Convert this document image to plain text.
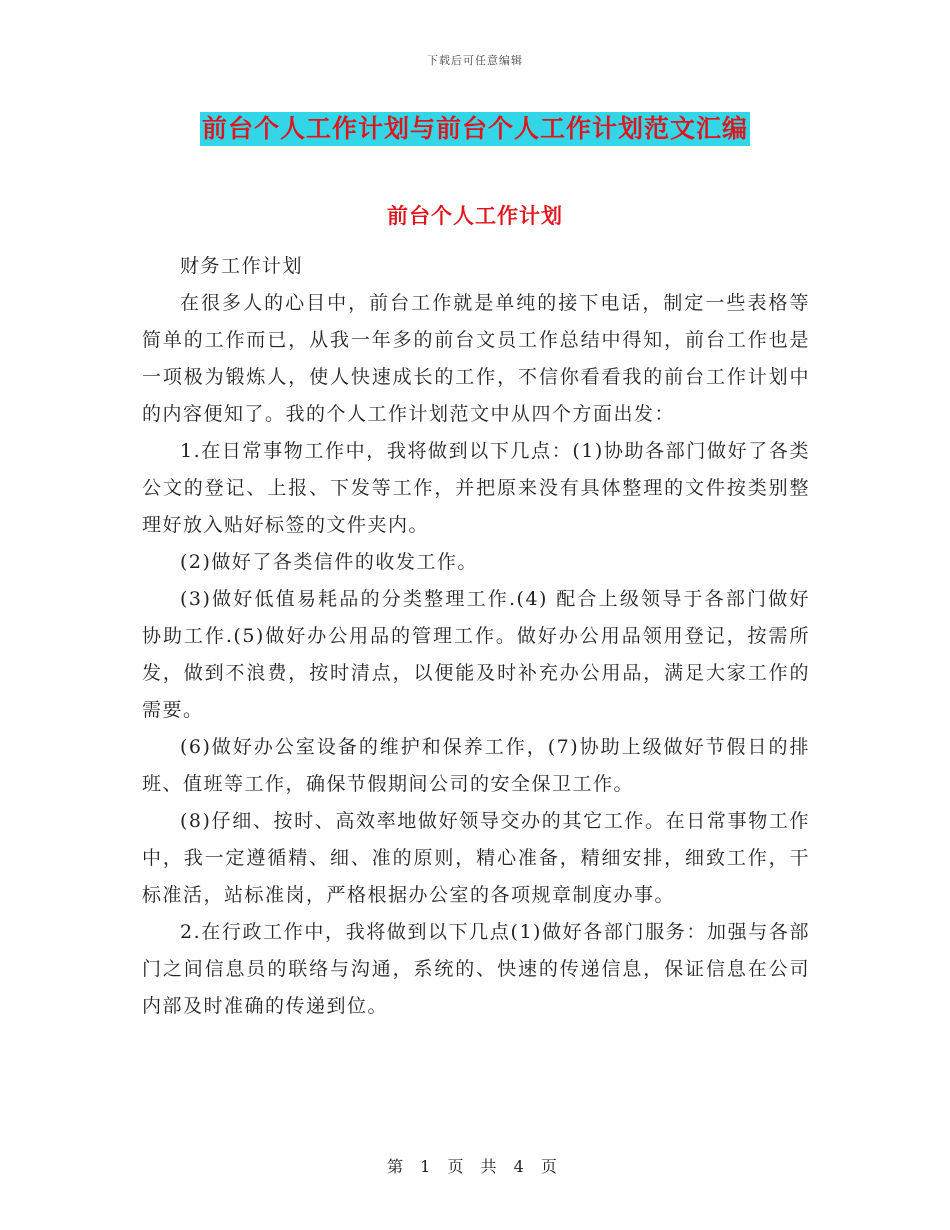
下载后可任意编辑
前台个人工作计划与前台个人工作计划范文汇编
前台个人工作计划

财务工作计划

在很多人的心目中，前台工作就是单纯的接下电话，制定一些表格等简单的工作而已，从我一年多的前台文员工作总结中得知，前台工作也是一项极为锻炼人，使人快速成长的工作，不信你看看我的前台工作计划中的内容便知了。我的个人工作计划范文中从四个方面出发：

1.在日常事物工作中，我将做到以下几点：(1)协助各部门做好了各类公文的登记、上报、下发等工作，并把原来没有具体整理的文件按类别整理好放入贴好标签的文件夹内。

(2)做好了各类信件的收发工作。

(3)做好低值易耗品的分类整理工作.(4) 配合上级领导于各部门做好协助工作.(5)做好办公用品的管理工作。做好办公用品领用登记，按需所发，做到不浪费，按时清点，以便能及时补充办公用品，满足大家工作的需要。

(6)做好办公室设备的维护和保养工作，(7)协助上级做好节假日的排班、值班等工作，确保节假期间公司的安全保卫工作。

(8)仔细、按时、高效率地做好领导交办的其它工作。在日常事物工作中，我一定遵循精、细、准的原则，精心准备，精细安排，细致工作，干标准活，站标准岗，严格根据办公室的各项规章制度办事。

2.在行政工作中，我将做到以下几点(1)做好各部门服务：加强与各部门之间信息员的联络与沟通，系统的、快速的传递信息，保证信息在公司内部及时准确的传递到位。

第 1 页 共 4 页
